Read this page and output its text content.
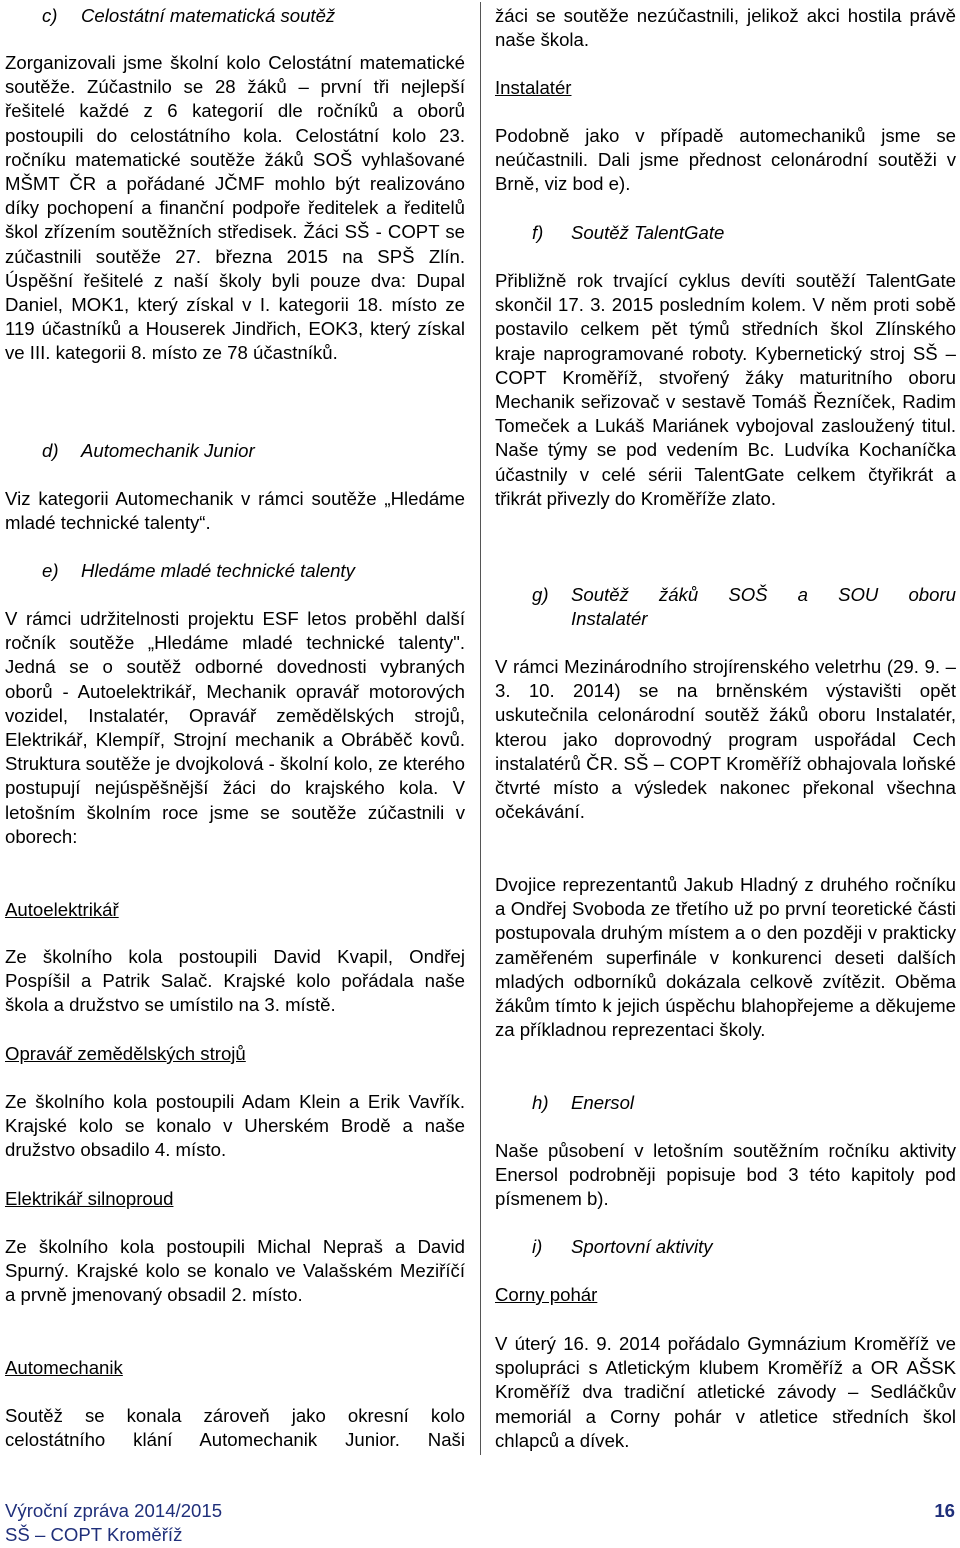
c) Celostátní matematická soutěž

Zorganizovali jsme školní kolo Celostátní matematické soutěže. Zúčastnilo se 28 žáků – první tři nejlepší řešitelé každé z 6 kategorií dle ročníků a oborů postoupili do celostátního kola. Celostátní kolo 23. ročníku matematické soutěže žáků SOŠ vyhlašované MŠMT ČR a pořádané JČMF mohlo být realizováno díky pochopení a finanční podpoře ředitelek a ředitelů škol zřízením soutěžních středisek. Žáci SŠ - COPT se zúčastnili soutěže 27. března 2015 na SPŠ Zlín. Úspěšní řešitelé z naší školy byli pouze dva: Dupal Daniel, MOK1, který získal v I. kategorii 18. místo ze 119 účastníků a Houserek Jindřich, EOK3, který získal ve III. kategorii 8. místo ze 78 účastníků.

d) Automechanik Junior

Viz kategorii Automechanik v rámci soutěže „Hledáme mladé technické talenty“.

e) Hledáme mladé technické talenty

V rámci udržitelnosti projektu ESF letos proběhl další ročník soutěže „Hledáme mladé technické talenty". Jedná se o soutěž odborné dovednosti vybraných oborů - Autoelektrikář, Mechanik opravář motorových vozidel, Instalatér, Opravář zemědělských strojů, Elektrikář, Klempíř, Strojní mechanik a Obráběč kovů. Struktura soutěže je dvojkolová - školní kolo, ze kterého postupují nejúspěšnější žáci do krajského kola. V letošním školním roce jsme se soutěže zúčastnili v oborech:

Autoelektrikář

Ze školního kola postoupili David Kvapil, Ondřej Pospíšil a Patrik Salač. Krajské kolo pořádala naše škola a družstvo se umístilo na 3. místě.

Opravář zemědělských strojů

Ze školního kola postoupili Adam Klein a Erik Vavřík. Krajské kolo se konalo v Uherském Brodě a naše družstvo obsadilo 4. místo.

Elektrikář silnoproud

Ze školního kola postoupili Michal Nepraš a David Spurný. Krajské kolo se konalo ve Valašském Meziříčí a prvně jmenovaný obsadil 2. místo.

Automechanik

Soutěž se konala zároveň jako okresní kolo celostátního klání Automechanik Junior. Naši

žáci se soutěže nezúčastnili, jelikož akci hostila právě naše škola.

Instalatér

Podobně jako v případě automechaniků jsme se neúčastnili. Dali jsme přednost celonárodní soutěži v Brně, viz bod e).

f) Soutěž TalentGate

Přibližně rok trvající cyklus devíti soutěží TalentGate skončil 17. 3. 2015 posledním kolem. V něm proti sobě postavilo celkem pět týmů středních škol Zlínského kraje naprogramované roboty. Kybernetický stroj SŠ – COPT Kroměříž, stvořený žáky maturitního oboru Mechanik seřizovač v sestavě Tomáš Řezníček, Radim Tomeček a Lukáš Mariánek vybojoval zasloužený titul. Naše týmy se pod vedením Bc. Ludvíka Kochaníčka účastnily v celé sérii TalentGate celkem čtyřikrát a třikrát přivezly do Kroměříže zlato.

g) Soutěž žáků SOŠ a SOU oboru
Instalatér

V rámci Mezinárodního strojírenského veletrhu (29. 9. – 3. 10. 2014) se na brněnském výstavišti opět uskutečnila celonárodní soutěž žáků oboru Instalatér, kterou jako doprovodný program uspořádal Cech instalatérů ČR. SŠ – COPT Kroměříž obhajovala loňské čtvrté místo a výsledek nakonec překonal všechna očekávání.

Dvojice reprezentantů Jakub Hladný z druhého ročníku a Ondřej Svoboda ze třetího už po první teoretické části postupovala druhým místem a o den později v prakticky zaměřeném superfinále v konkurenci deseti dalších mladých odborníků dokázala celkově zvítězit. Oběma žákům tímto k jejich úspěchu blahopřejeme a děkujeme za příkladnou reprezentaci školy.

h) Enersol

Naše působení v letošním soutěžním ročníku aktivity Enersol podrobněji popisuje bod 3 této kapitoly pod písmenem b).

i) Sportovní aktivity
Corny pohár

V úterý 16. 9. 2014 pořádalo Gymnázium Kroměříž ve spolupráci s Atletickým klubem Kroměříž a OR AŠSK Kroměříž dva tradiční atletické závody – Sedláčkův memoriál a Corny pohár v atletice středních škol chlapců a dívek.

Výroční zpráva 2014/2015
SŠ – COPT Kroměříž
16
